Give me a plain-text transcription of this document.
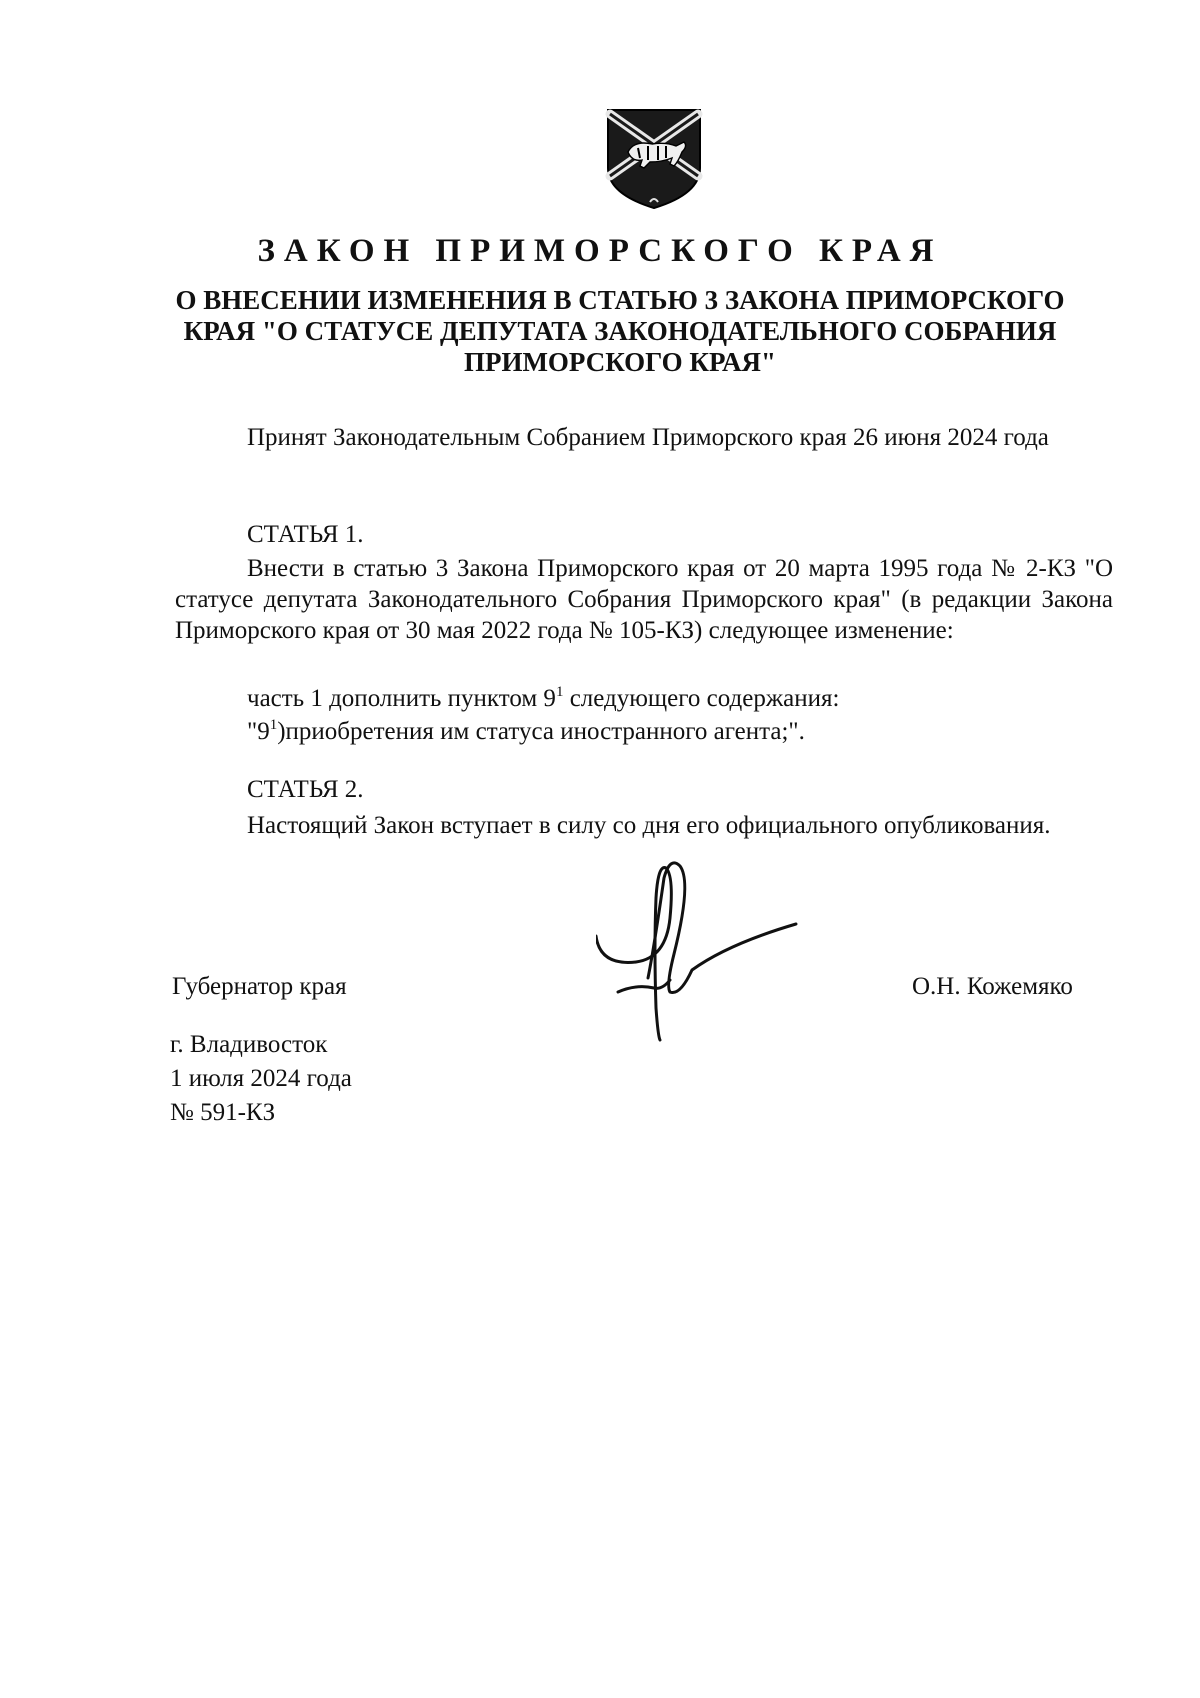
ЗАКОН ПРИМОРСКОГО КРАЯ

О ВНЕСЕНИИ ИЗМЕНЕНИЯ В СТАТЬЮ 3 ЗАКОНА ПРИМОРСКОГО КРАЯ "О СТАТУСЕ ДЕПУТАТА ЗАКОНОДАТЕЛЬНОГО СОБРАНИЯ ПРИМОРСКОГО КРАЯ"

Принят Законодательным Собранием Приморского края 26 июня 2024 года

СТАТЬЯ 1.

Внести в статью 3 Закона Приморского края от 20 марта 1995 года № 2-КЗ "О статусе депутата Законодательного Собрания Приморского края" (в редакции Закона Приморского края от 30 мая 2022 года № 105-КЗ) следующее изменение:

часть 1 дополнить пунктом $9^1$ следующего содержания:

"$9^1)приобретения$ им статуса иностранного агента;".

СТАТЬЯ 2.

Настоящий Закон вступает в силу со дня его официального опубликования.

Губернатор края	О.Н. Кожемяко

г. Владивосток
1 июля 2024 года
№ 591-КЗ
